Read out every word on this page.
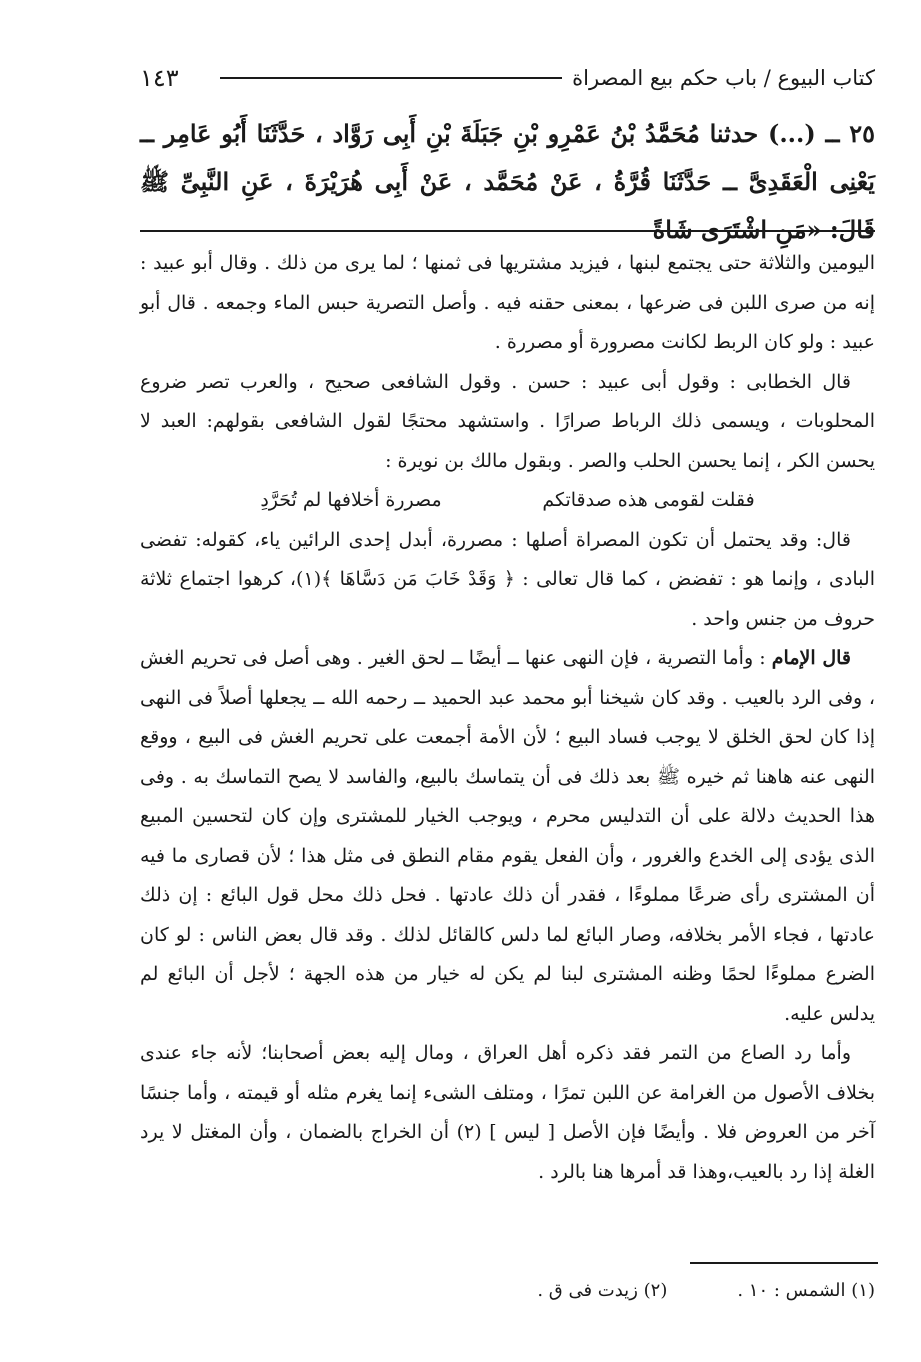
١٤٣	كتاب البيوع / باب حكم بيع المصراة
٢٥ ــ (...) حدثنا مُحَمَّدُ بْنُ عَمْرِو بْنِ جَبَلَةَ بْنِ أَبِى رَوَّاد ، حَدَّثَنَا أَبُو عَامِر ــ يَعْنِى الْعَقَدِىَّ ــ حَدَّثَنَا قُرَّةُ ، عَنْ مُحَمَّد ، عَنْ أَبِى هُرَيْرَةَ ، عَنِ النَّبِىِّ ﷺ قَالَ: «مَنِ اشْتَرَى شَاةً

اليومين والثلاثة حتى يجتمع لبنها ، فيزيد مشتريها فى ثمنها ؛ لما يرى من ذلك . وقال أبو عبيد : إنه من صرى اللبن فى ضرعها ، بمعنى حقنه فيه . وأصل التصرية حبس الماء وجمعه . قال أبو عبيد : ولو كان الربط لكانت مصرورة أو مصررة .

قال الخطابى : وقول أبى عبيد : حسن . وقول الشافعى صحيح ، والعرب تصر ضروع المحلوبات ، ويسمى ذلك الرباط صرارًا . واستشهد محتجًا لقول الشافعى بقولهم: العبد لا يحسن الكر ، إنما يحسن الحلب والصر . وبقول مالك بن نويرة :

فقلت لقومى هذه صدقاتكم
مصررة أخلافها لم تُحَرَّدِ

قال: وقد يحتمل أن تكون المصراة أصلها : مصررة، أبدل إحدى الرائين ياء، كقوله: تفضى البادى ، وإنما هو : تفضض ، كما قال تعالى : ﴿ وَقَدْ خَابَ مَن دَسَّاهَا ﴾(١)، كرهوا اجتماع ثلاثة حروف من جنس واحد .

قال الإمام : وأما التصرية ، فإن النهى عنها ــ أيضًا ــ لحق الغير . وهى أصل فى تحريم الغش ، وفى الرد بالعيب . وقد كان شيخنا أبو محمد عبد الحميد ــ رحمه الله ــ يجعلها أصلاً فى النهى إذا كان لحق الخلق لا يوجب فساد البيع ؛ لأن الأمة أجمعت على تحريم الغش فى البيع ، ووقع النهى عنه هاهنا ثم خيره ﷺ بعد ذلك فى أن يتماسك بالبيع، والفاسد لا يصح التماسك به . وفى هذا الحديث دلالة على أن التدليس محرم ، ويوجب الخيار للمشترى وإن كان لتحسين المبيع الذى يؤدى إلى الخدع والغرور ، وأن الفعل يقوم مقام النطق فى مثل هذا ؛ لأن قصارى ما فيه أن المشترى رأى ضرعًا مملوءًا ، فقدر أن ذلك عادتها . فحل ذلك محل قول البائع : إن ذلك عادتها ، فجاء الأمر بخلافه، وصار البائع لما دلس كالقائل لذلك . وقد قال بعض الناس : لو كان الضرع مملوءًا لحمًا وظنه المشترى لبنا لم يكن له خيار من هذه الجهة ؛ لأجل أن البائع لم يدلس عليه.

وأما رد الصاع من التمر فقد ذكره أهل العراق ، ومال إليه بعض أصحابنا؛ لأنه جاء عندى بخلاف الأصول من الغرامة عن اللبن تمرًا ، ومتلف الشىء إنما يغرم مثله أو قيمته ، وأما جنسًا آخر من العروض فلا . وأيضًا فإن الأصل [ ليس ] (٢) أن الخراج بالضمان ، وأن المغتل لا يرد الغلة إذا رد بالعيب،وهذا قد أمرها هنا بالرد .

(١) الشمس : ١٠ .
(٢) زيدت فى ق .
